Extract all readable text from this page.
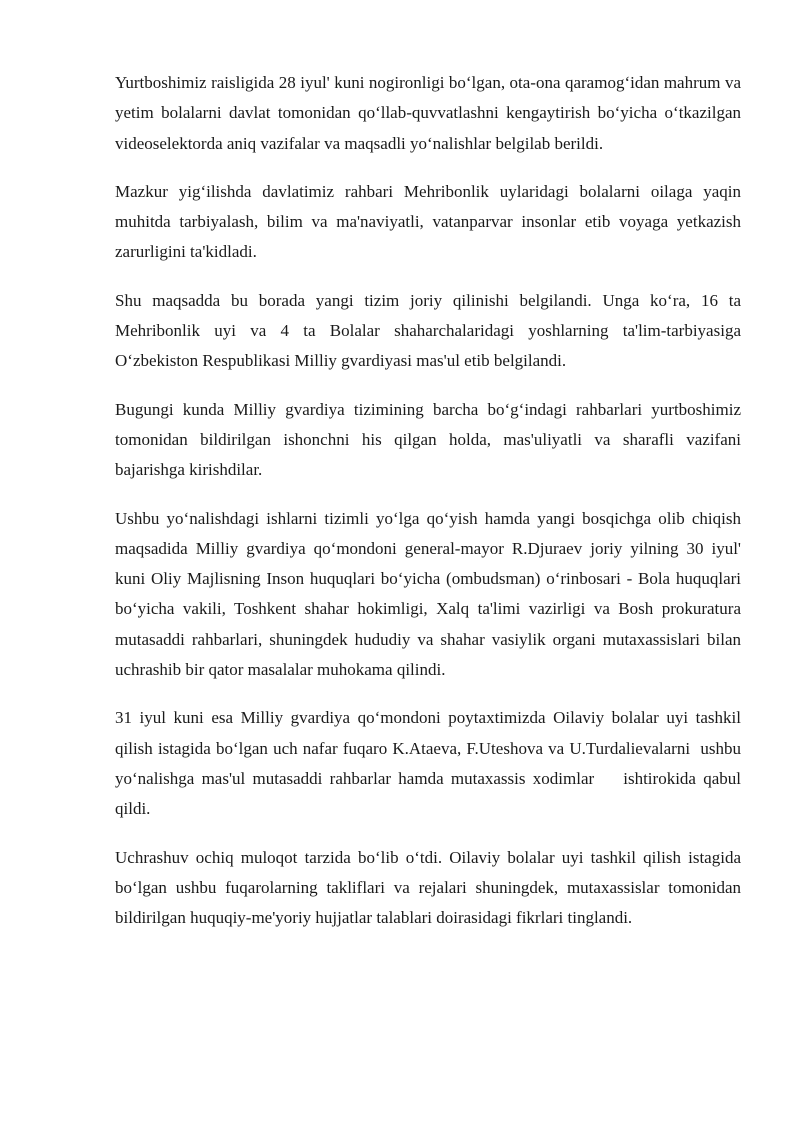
Yurtboshimiz raisligida 28 iyul' kuni nogironligi bo‘lgan, ota-ona qaramog‘idan mahrum va yetim bolalarni davlat tomonidan qo‘llab-quvvatlashni kengaytirish bo‘yicha o‘tkazilgan videoselektorda aniq vazifalar va maqsadli yo‘nalishlar belgilab berildi.

Mazkur yig‘ilishda davlatimiz rahbari Mehribonlik uylaridagi bolalarni oilaga yaqin muhitda tarbiyalash, bilim va ma'naviyatli, vatanparvar insonlar etib voyaga yetkazish zarurligini ta'kidladi.

Shu maqsadda bu borada yangi tizim joriy qilinishi belgilandi. Unga ko‘ra, 16 ta Mehribonlik uyi va 4 ta Bolalar shaharchalaridagi yoshlarning ta'lim-tarbiyasiga O‘zbekiston Respublikasi Milliy gvardiyasi mas'ul etib belgilandi.

Bugungi kunda Milliy gvardiya tizimining barcha bo‘g‘indagi rahbarlari yurtboshimiz tomonidan bildirilgan ishonchni his qilgan holda, mas'uliyatli va sharafli vazifani bajarishga kirishdilar.

Ushbu yo‘nalishdagi ishlarni tizimli yo‘lga qo‘yish hamda yangi bosqichga olib chiqish maqsadida Milliy gvardiya qo‘mondoni general-mayor R.Djuraev joriy yilning 30 iyul' kuni Oliy Majlisning Inson huquqlari bo‘yicha (ombudsman) o‘rinbosari - Bola huquqlari bo‘yicha vakili, Toshkent shahar hokimligi, Xalq ta'limi vazirligi va Bosh prokuratura mutasaddi rahbarlari, shuningdek hududiy va shahar vasiylik organi mutaxassislari bilan uchrashib bir qator masalalar muhokama qilindi.

31 iyul kuni esa Milliy gvardiya qo‘mondoni poytaxtimizda Oilaviy bolalar uyi tashkil qilish istagida bo‘lgan uch nafar fuqaro K.Ataeva, F.Uteshova va U.Turdalievalarni  ushbu yo‘nalishga mas'ul mutasaddi rahbarlar hamda mutaxassis xodimlar    ishtirokida qabul qildi.

Uchrashuv ochiq muloqot tarzida bo‘lib o‘tdi. Oilaviy bolalar uyi tashkil qilish istagida bo‘lgan ushbu fuqarolarning takliflari va rejalari shuningdek, mutaxassislar tomonidan bildirilgan huquqiy-me'yoriy hujjatlar talablari doirasidagi fikrlari tinglandi.
